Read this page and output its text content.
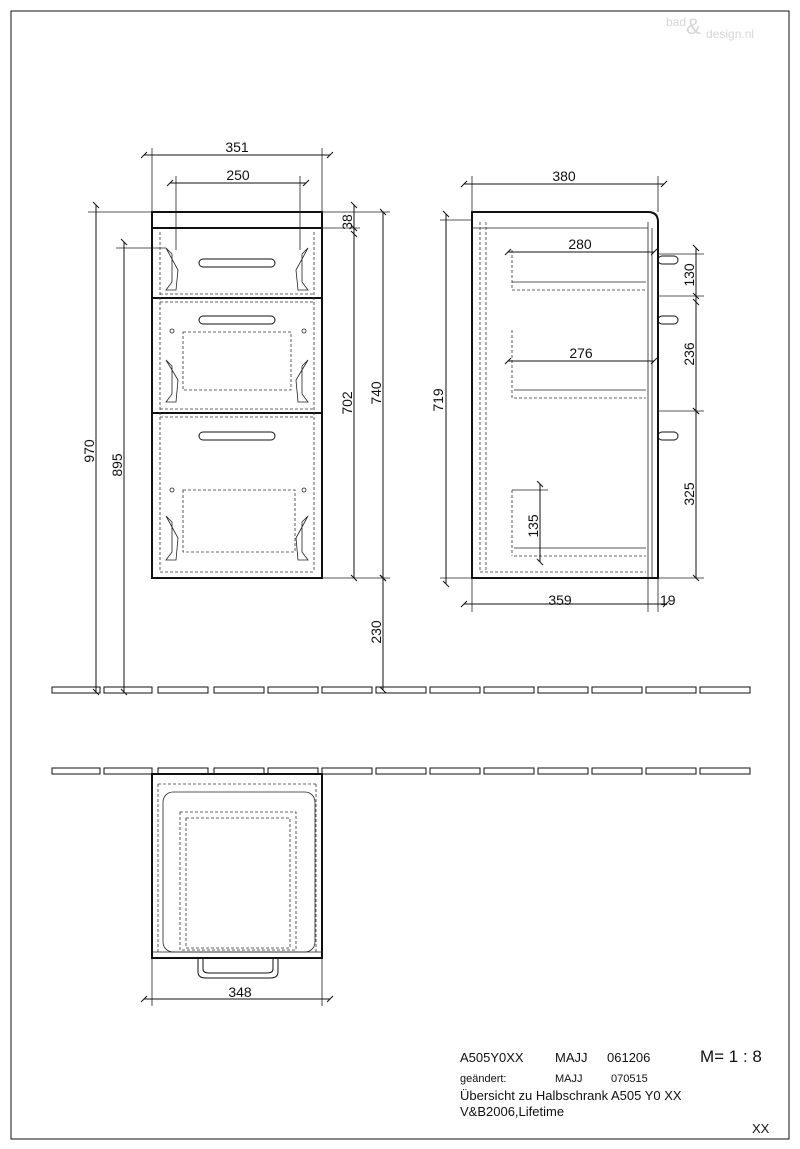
bad & design.nl
351
250
38
702 740
230
970
895
380
280
276
719
359	19
130
236
325
135
348
A505Y0XX MAJJ 061206	M= 1 : 8
geändert:	MAJJ	070515
Übersicht zu Halbschrank A505 Y0 XX
V&B2006,Lifetime
XX
